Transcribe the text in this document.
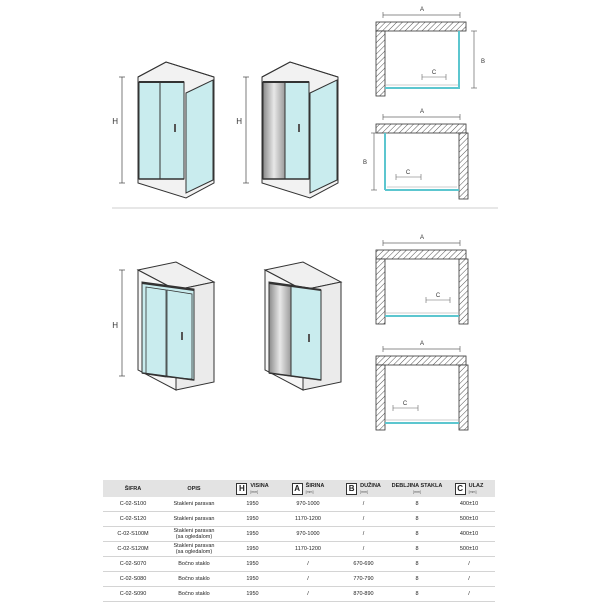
H	H
A
C
B
A
C
B
H
A
C
A
C
ŠIFRA	OPIS	H VISINA
[mm]	A ŠIRINA
[mm]	B DUŽINA
[mm]	DEBLJINA STAKLA
[mm]	C ULAZ
[mm]

C-02-S100	Stakleni paravan	1950	970-1000	/	8	400±10
C-02-S120	Stakleni paravan	1950	1170-1200	/	8	500±10
C-02-S100M	Stakleni paravan
(sa ogledalom)	1950	970-1000	/	8	400±10
C-02-S120M	Stakleni paravan
(sa ogledalom)	1950	1170-1200	/	8	500±10
C-02-S070	Bočno staklo	1950	/	670-690	8	/
C-02-S080	Bočno staklo	1950	/	770-790	8	/
C-02-S090	Bočno staklo	1950	/	870-890	8	/
